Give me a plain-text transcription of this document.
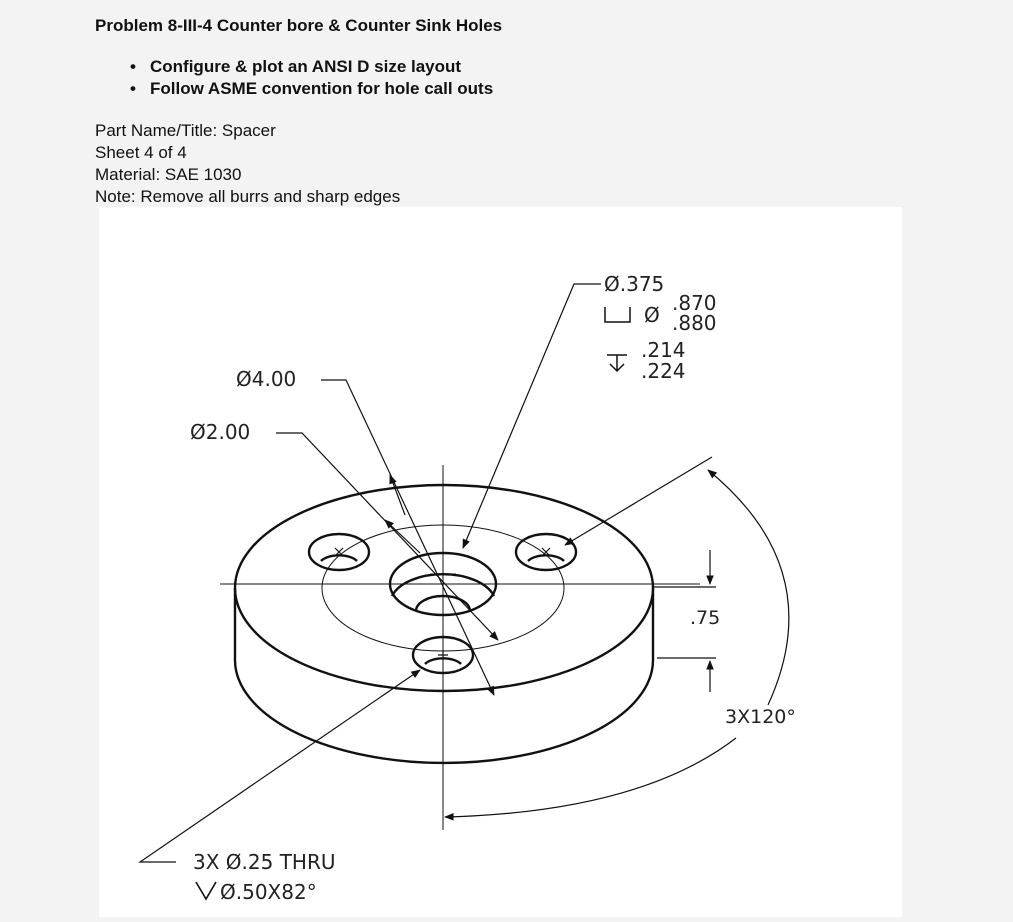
Problem 8-III-4 Counter bore & Counter Sink Holes
• Configure & plot an ANSI D size layout
• Follow ASME convention for hole call outs
Part Name/Title: Spacer
Sheet 4 of 4
Material: SAE 1030
Note: Remove all burrs and sharp edges
Ø.375
Ø .870
.880
.214
.224
Ø4.00
Ø2.00
.75
3X120°
3X Ø.25 THRU
Ø.50X82°
